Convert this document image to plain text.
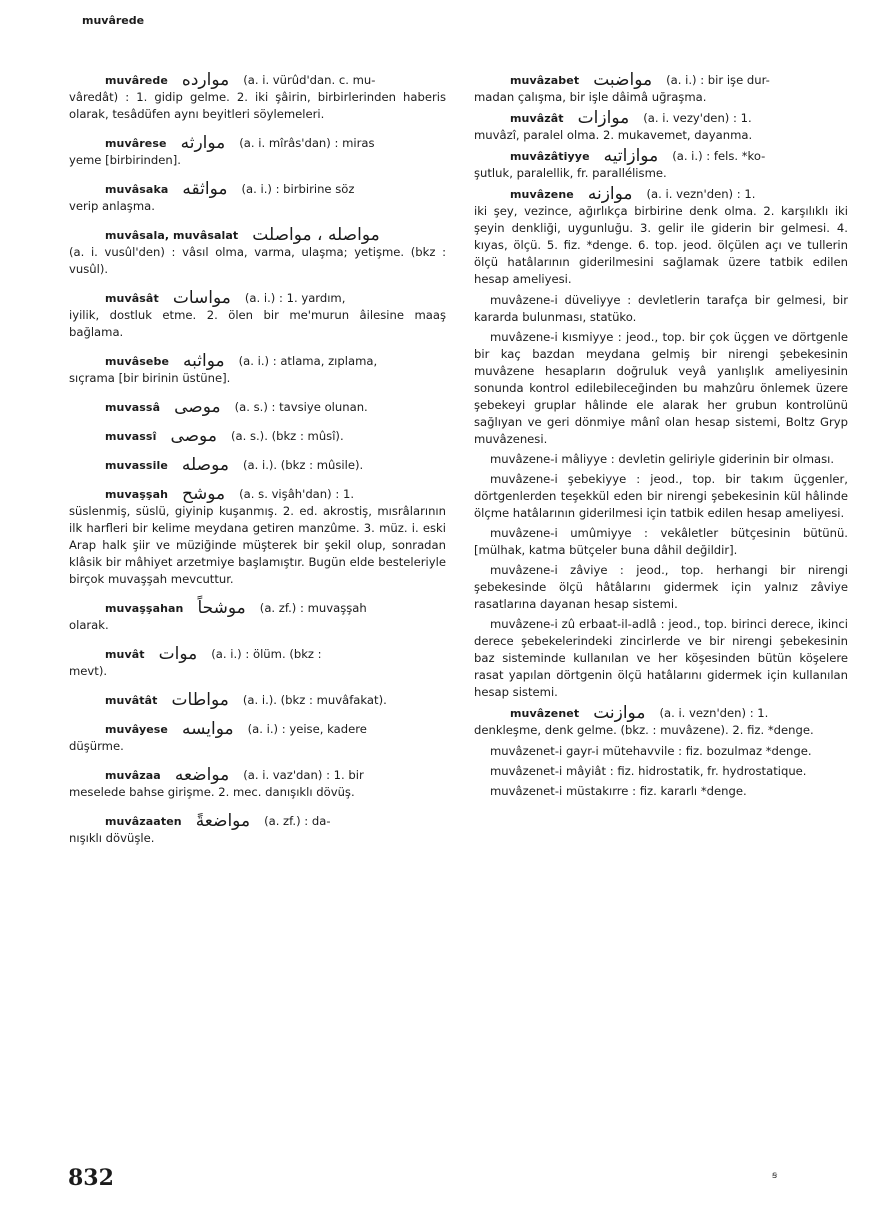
muvârede
muvârede موارده (a. i. vürûd'dan. c. mu-
vâredât) : 1. gidip gelme. 2. iki şâirin, birbirlerinden haberis olarak, tesâdüfen aynı beyitleri söylemeleri.
muvârese موارثه (a. i. mîrâs'dan) : miras
yeme [birbirinden].
muvâsaka مواثقه (a. i.) : birbirine söz
verip anlaşma.
muvâsala, muvâsalat مواصله ، مواصلت
(a. i. vusûl'den) : vâsıl olma, varma, ulaşma; yetişme. (bkz : vusûl).
muvâsât مواسات (a. i.) : 1. yardım,
iyilik, dostluk etme. 2. ölen bir me'murun âilesine maaş bağlama.
muvâsebe مواثبه (a. i.) : atlama, zıplama,
sıçrama [bir birinin üstüne].
muvassâ موصى (a. s.) : tavsiye olunan.
muvassî موصى (a. s.). (bkz : mûsî).
muvassile موصله (a. i.). (bkz : mûsile).
muvaşşah موشح (a. s. vişâh'dan) : 1.
süslenmiş, süslü, giyinip kuşanmış. 2. ed. akrostiş, mısrâlarının ilk harfleri bir kelime meydana getiren manzûme. 3. müz. i. eski Arap halk şiir ve müziğinde müşterek bir şekil olup, sonradan klâsik bir mâhiyet arzetmiye başlamıştır. Bugün elde besteleriyle birçok muvaşşah mevcuttur.
muvaşşahan موشحاً (a. zf.) : muvaşşah
olarak.
muvât موات (a. i.) : ölüm. (bkz :
mevt).
muvâtât مواطات (a. i.). (bkz : muvâfakat).
muvâyese موايسه (a. i.) : yeise, kadere
düşürme.
muvâzaa مواضعه (a. i. vaz'dan) : 1. bir
meselede bahse girişme. 2. mec. danışıklı dövüş.
muvâzaaten مواضعةً (a. zf.) : da-
nışıklı dövüşle.
muvâzabet مواضبت (a. i.) : bir işe dur-
madan çalışma, bir işle dâimâ uğraşma.
muvâzât موازات (a. i. vezy'den) : 1.
muvâzî, paralel olma. 2. mukavemet, dayanma.
muvâzâtiyye موازاتيه (a. i.) : fels. *ko-
şutluk, paralellik, fr. parallélisme.
muvâzene موازنه (a. i. vezn'den) : 1.
iki şey, vezince, ağırlıkça birbirine denk olma. 2. karşılıklı iki şeyin denkliği, uygunluğu. 3. gelir ile giderin bir gelmesi. 4. kıyas, ölçü. 5. fiz. *denge. 6. top. jeod. ölçülen açı ve tullerin ölçü hatâlarının giderilmesini sağlamak üzere tatbik edilen hesap ameliyesi.
muvâzene-i düveliyye : devletlerin tarafça bir gelmesi, bir kararda bulunması, statüko.
muvâzene-i kısmiyye : jeod., top. bir çok üçgen ve dörtgenle bir kaç bazdan meydana gelmiş bir nirengi şebekesinin muvâzene hesapların doğruluk veyâ yanlışlık ameliyesinin sonunda kontrol edilebileceğinden bu mahzûru önlemek üzere şebekeyi gruplar hâlinde ele alarak her grubun kontrolünü sağlıyan ve geri dönmiye mânî olan hesap sistemi, Boltz Gryp muvâzenesi.
muvâzene-i mâliyye : devletin geliriyle giderinin bir olması.
muvâzene-i şebekiyye : jeod., top. bir takım üçgenler, dörtgenlerden teşekkül eden bir nirengi şebekesinin kül hâlinde ölçme hatâlarının giderilmesi için tatbik edilen hesap ameliyesi.
muvâzene-i umûmiyye : vekâletler bütçesinin bütünü. [mülhak, katma bütçeler buna dâhil değildir].
muvâzene-i zâviye : jeod., top. herhangi bir nirengi şebekesinde ölçü hâtâlarını gidermek için yalnız zâviye rasatlarına dayanan hesap sistemi.
muvâzene-i zû erbaat-il-adlâ : jeod., top. birinci derece, ikinci derece şebekelerindeki zincirlerde ve bir nirengi şebekesinin baz sisteminde kullanılan ve her köşesinden bütün köşelere rasat yapılan dörtgenin ölçü hatâlarını gidermek için kullanılan hesap sistemi.
muvâzenet موازنت (a. i. vezn'den) : 1.
denkleşme, denk gelme. (bkz. : muvâzene). 2. fiz. *denge.
muvâzenet-i gayr-i mütehavvile : fiz. bozulmaz *denge.
muvâzenet-i mâyiât : fiz. hidrostatik, fr. hydrostatique.
muvâzenet-i müstakırre : fiz. kararlı *denge.
832	ꞩ
